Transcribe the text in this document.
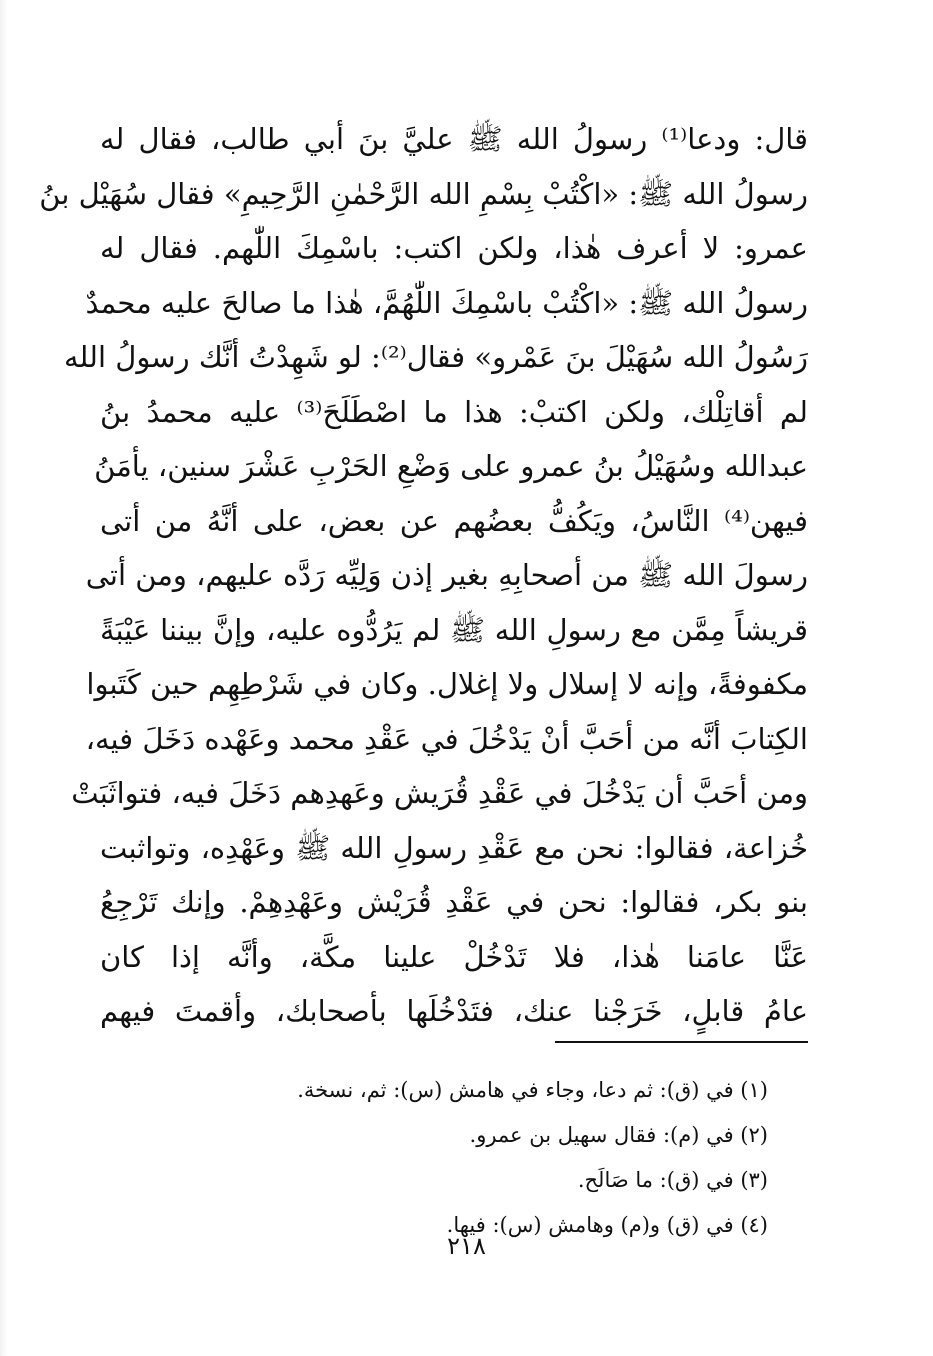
قال: ودعا⁽¹⁾ رسولُ الله ﷺ عليَّ بنَ أبي طالب، فقال له
رسولُ الله ﷺ: «اكْتُبْ بِسْمِ الله الرَّحْمٰنِ الرَّحِيمِ» فقال سُهَيْل بنُ
عمرو: لا أعرف هٰذا، ولكن اكتب: باسْمِكَ اللّٰهم. فقال له
رسولُ الله ﷺ: «اكْتُبْ باسْمِكَ اللّٰهُمَّ، هٰذا ما صالحَ عليه محمدٌ
رَسُولُ الله سُهَيْلَ بنَ عَمْرو» فقال⁽²⁾: لو شَهِدْتُ أنَّك رسولُ الله
لم أقاتِلْك، ولكن اكتبْ: هذا ما اصْطَلَحَ⁽³⁾ عليه محمدُ بنُ
عبدالله وسُهَيْلُ بنُ عمرو على وَضْعِ الحَرْبِ عَشْرَ سنين، يأمَنُ
فيهن⁽⁴⁾ النَّاسُ، ويَكُفُّ بعضُهم عن بعض، على أنَّهُ من أتى
رسولَ الله ﷺ من أصحابِهِ بغير إذن وَلِيِّه رَدَّه عليهم، ومن أتى
قريشاً مِمَّن مع رسولِ الله ﷺ لم يَرُدُّوه عليه، وإنَّ بيننا عَيْبَةً
مكفوفةً، وإنه لا إسلال ولا إغلال. وكان في شَرْطِهِم حين كَتَبوا
الكِتابَ أنَّه من أحَبَّ أنْ يَدْخُلَ في عَقْدِ محمد وعَهْده دَخَلَ فيه،
ومن أحَبَّ أن يَدْخُلَ في عَقْدِ قُرَيش وعَهدِهم دَخَلَ فيه، فتواثَبَتْ
خُزاعة، فقالوا: نحن مع عَقْدِ رسولِ الله ﷺ وعَهْدِه، وتواثبت
بنو بكر، فقالوا: نحن في عَقْدِ قُرَيْش وعَهْدِهِمْ. وإنك تَرْجِعُ
عَنَّا عامَنا هٰذا، فلا تَدْخُلْ علينا مكَّة، وأنَّه إذا كان
عامُ قابلٍ، خَرَجْنا عنك، فتَدْخُلَها بأصحابك، وأقمتَ فيهم
(١) في (ق): ثم دعا، وجاء في هامش (س): ثم، نسخة.
(٢) في (م): فقال سهيل بن عمرو.
(٣) في (ق): ما صَالَح.
(٤) في (ق) و(م) وهامش (س): فيها.
٢١٨
